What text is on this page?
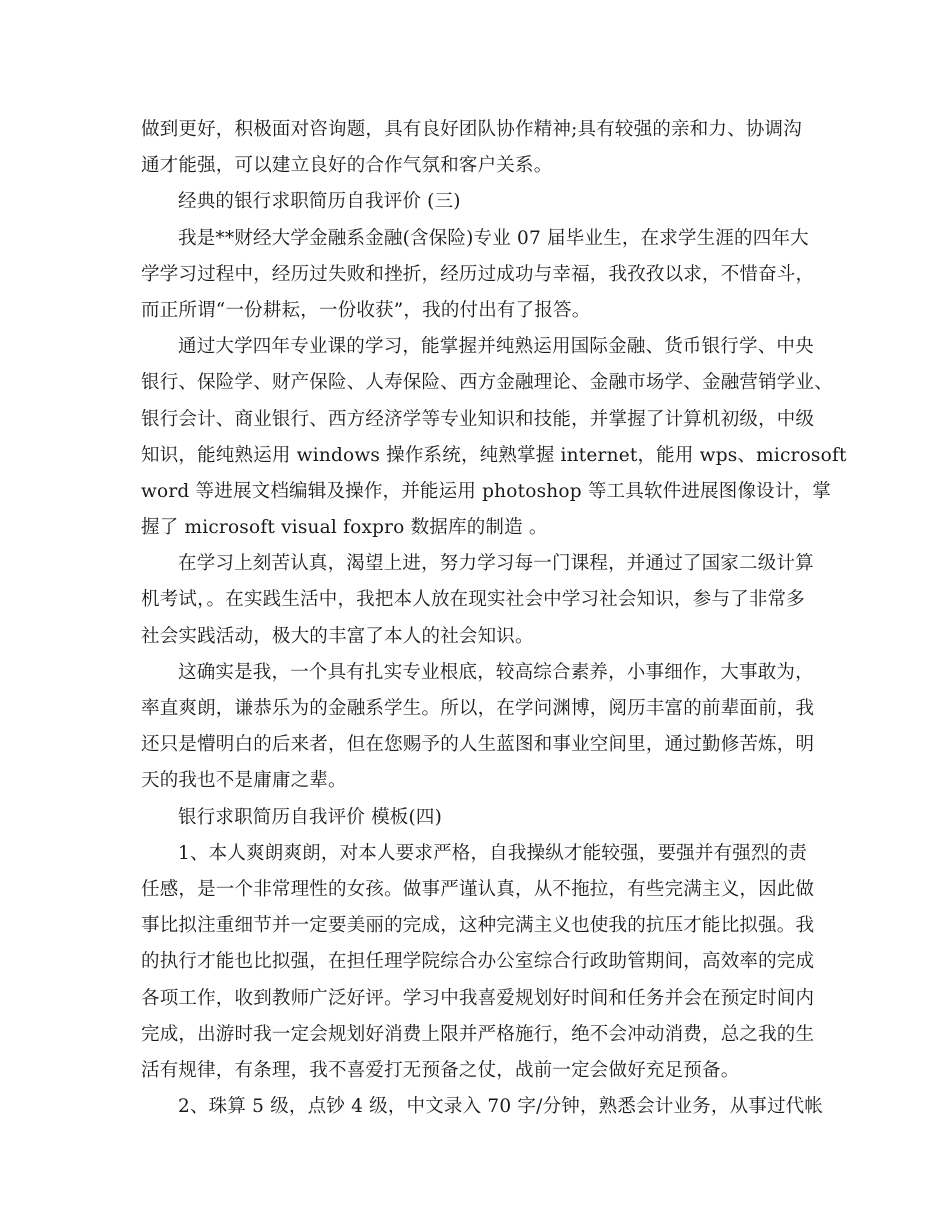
做到更好，积极面对咨询题，具有良好团队协作精神;具有较强的亲和力、协调沟
通才能强，可以建立良好的合作气氛和客户关系。
经典的银行求职简历自我评价 (三)
我是**财经大学金融系金融(含保险)专业 07 届毕业生，在求学生涯的四年大
学学习过程中，经历过失败和挫折，经历过成功与幸福，我孜孜以求，不惜奋斗，
而正所谓“一份耕耘，一份收获”，我的付出有了报答。
通过大学四年专业课的学习，能掌握并纯熟运用国际金融、货币银行学、中央
银行、保险学、财产保险、人寿保险、西方金融理论、金融市场学、金融营销学业、
银行会计、商业银行、西方经济学等专业知识和技能，并掌握了计算机初级，中级
知识，能纯熟运用 windows 操作系统，纯熟掌握 internet，能用 wps、microsoft
word 等进展文档编辑及操作，并能运用 photoshop 等工具软件进展图像设计，掌
握了 microsoft visual foxpro 数据库的制造 。
在学习上刻苦认真，渴望上进，努力学习每一门课程，并通过了国家二级计算
机考试，。在实践生活中，我把本人放在现实社会中学习社会知识，参与了非常多
社会实践活动，极大的丰富了本人的社会知识。
这确实是我，一个具有扎实专业根底，较高综合素养，小事细作，大事敢为，
率直爽朗，谦恭乐为的金融系学生。所以，在学问渊博，阅历丰富的前辈面前，我
还只是懵明白的后来者，但在您赐予的人生蓝图和事业空间里，通过勤修苦炼，明
天的我也不是庸庸之辈。
银行求职简历自我评价 模板(四)
1、本人爽朗爽朗，对本人要求严格，自我操纵才能较强，要强并有强烈的责
任感，是一个非常理性的女孩。做事严谨认真，从不拖拉，有些完满主义，因此做
事比拟注重细节并一定要美丽的完成，这种完满主义也使我的抗压才能比拟强。我
的执行才能也比拟强，在担任理学院综合办公室综合行政助管期间，高效率的完成
各项工作，收到教师广泛好评。学习中我喜爱规划好时间和任务并会在预定时间内
完成，出游时我一定会规划好消费上限并严格施行，绝不会冲动消费，总之我的生
活有规律，有条理，我不喜爱打无预备之仗，战前一定会做好充足预备。
2、珠算 5 级，点钞 4 级，中文录入 70 字/分钟，熟悉会计业务，从事过代帐
